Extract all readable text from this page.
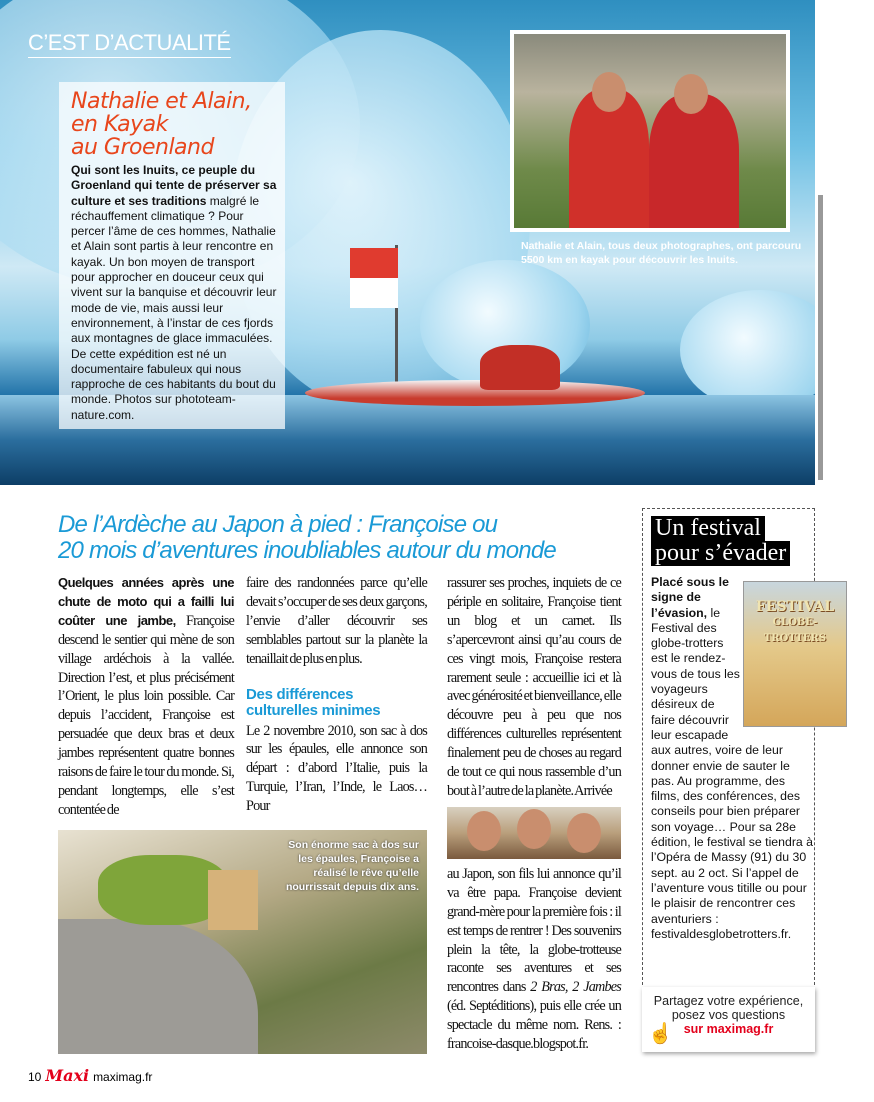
C’EST D’ACTUALITÉ
Nathalie et Alain,
en Kayak
au Groenland
Qui sont les Inuits, ce peuple du Groenland qui tente de préserver sa culture et ses traditions malgré le réchauffement climatique ? Pour percer l’âme de ces hommes, Nathalie et Alain sont partis à leur rencontre en kayak. Un bon moyen de transport pour approcher en douceur ceux qui vivent sur la banquise et découvrir leur mode de vie, mais aussi leur environnement, à l’instar de ces fjords aux montagnes de glace immaculées. De cette expédition est né un documentaire fabuleux qui nous rapproche de ces habitants du bout du monde. Photos sur phototeam-nature.com.
Nathalie et Alain, tous deux photographes, ont parcouru 5500 km en kayak pour découvrir les Inuits.
De l’Ardèche au Japon à pied : Françoise ou
20 mois d’aventures inoubliables autour du monde
Quelques années après une chute de moto qui a failli lui coûter une jambe, Françoise descend le sentier qui mène de son village ardéchois à la vallée. Direction l’est, et plus précisément l’Orient, le plus loin possible. Car depuis l’accident, Françoise est persuadée que deux bras et deux jambes représentent quatre bonnes raisons de faire le tour du monde. Si, pendant longtemps, elle s’est contentée de
faire des randonnées parce qu’elle devait s’occuper de ses deux garçons, l’envie d’aller découvrir ses semblables partout sur la planète la tenaillait de plus en plus.
Des différences culturelles minimes
Le 2 novembre 2010, son sac à dos sur les épaules, elle annonce son départ : d’abord l’Italie, puis la Turquie, l’Iran, l’Inde, le Laos… Pour
Son énorme sac à dos sur les épaules, Françoise a réalisé le rêve qu’elle nourrissait depuis dix ans.
rassurer ses proches, inquiets de ce périple en solitaire, Françoise tient un blog et un carnet. Ils s’apercevront ainsi qu’au cours de ces vingt mois, Françoise restera rarement seule : accueillie ici et là avec générosité et bienveillance, elle découvre peu à peu que nos différences culturelles représentent finalement peu de choses au regard de tout ce qui nous rassemble d’un bout à l’autre de la planète. Arrivée
au Japon, son fils lui annonce qu’il va être papa. Françoise devient grand-mère pour la première fois : il est temps de rentrer ! Des souvenirs plein la tête, la globe-trotteuse raconte ses aventures et ses rencontres dans 2 Bras, 2 Jambes (éd. Septéditions), puis elle crée un spectacle du même nom. Rens. : francoise-dasque.blogspot.fr.
FESTIVAL
GLOBE-TROTTERS
Un festival
pour s’évader
Placé sous le signe de l’évasion, le Festival des globe-trotters est le rendez-vous de tous les voyageurs désireux de faire découvrir leur escapade aux autres, voire de leur donner envie de sauter le pas. Au programme, des films, des conférences, des conseils pour bien préparer son voyage… Pour sa 28e édition, le festival se tiendra à l’Opéra de Massy (91) du 30 sept. au 2 oct. Si l’appel de l’aventure vous titille ou pour le plaisir de rencontrer ces aventuriers : festivaldesglobetrotters.fr.
Partagez votre expérience,
posez vos questions
sur maximag.fr
☝
10 Maxi maximag.fr
